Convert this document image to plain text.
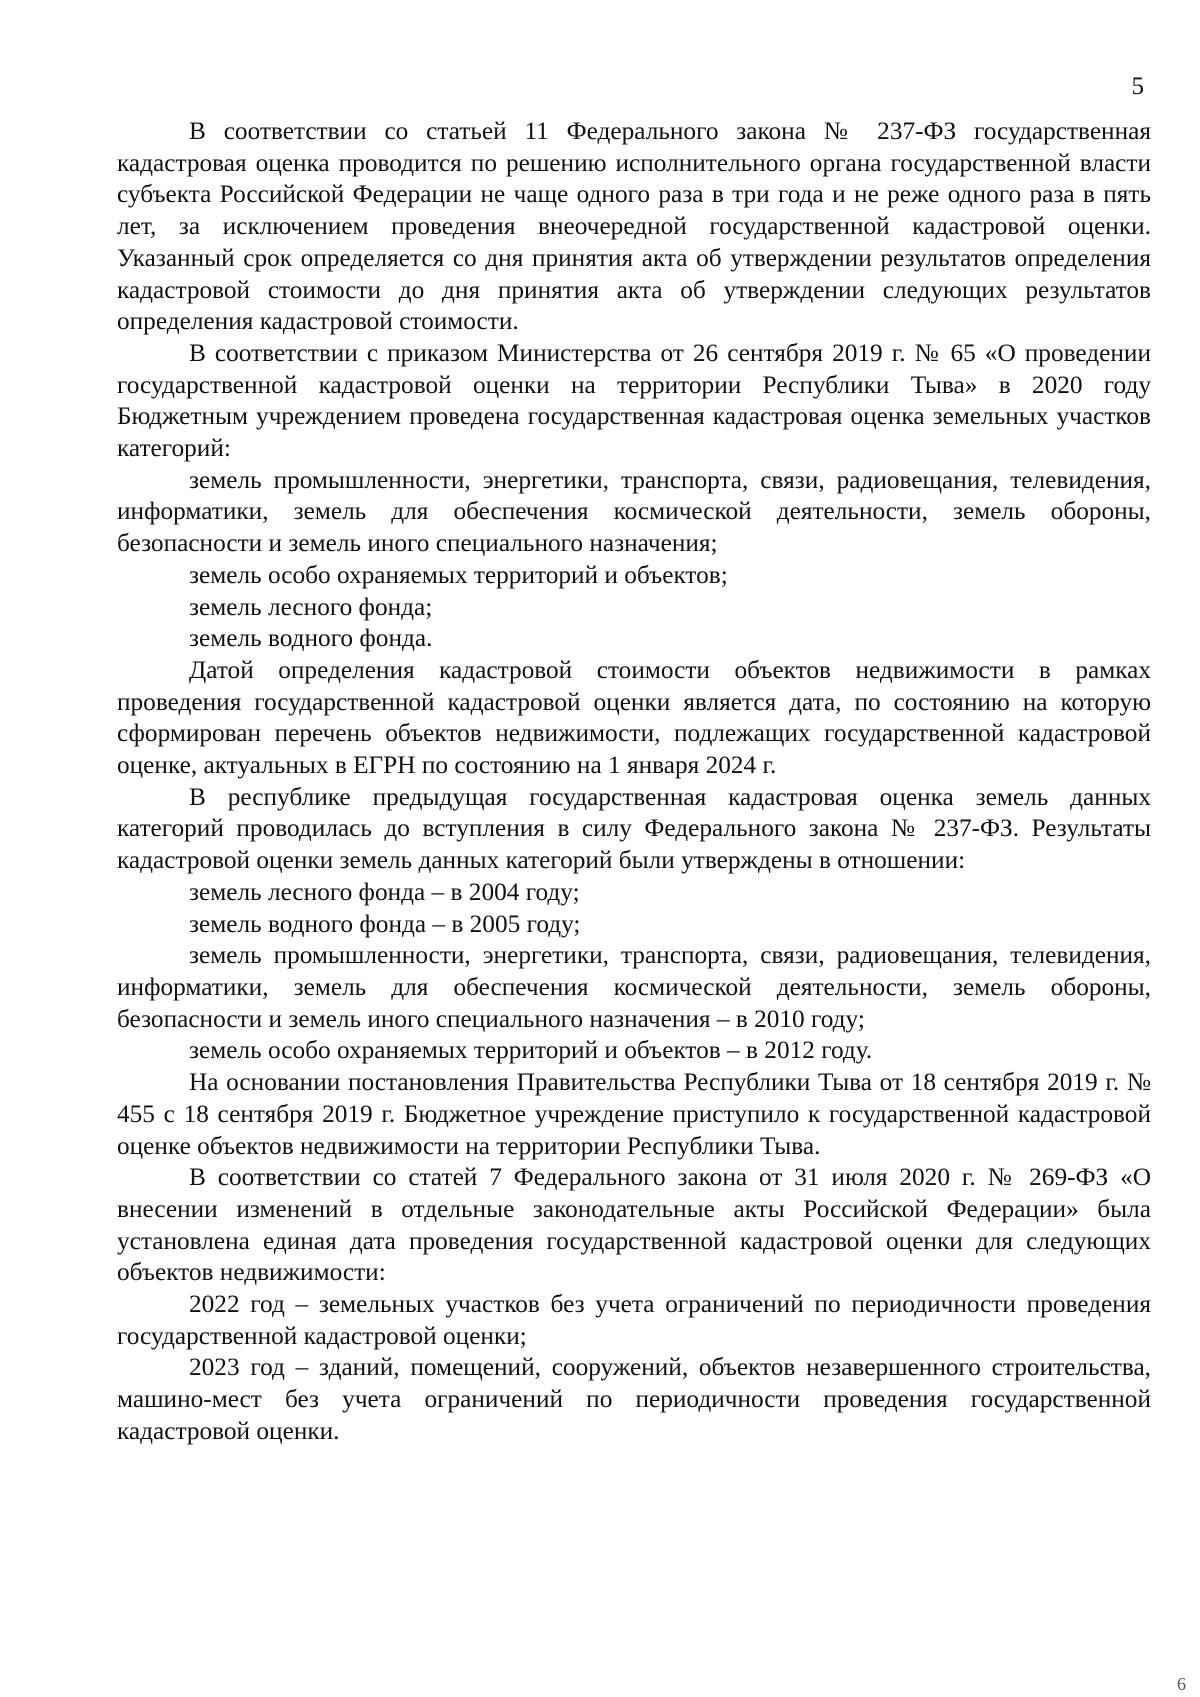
5

В соответствии со статьей 11 Федерального закона № 237-ФЗ государственная кадастровая оценка проводится по решению исполнительного органа государственной власти субъекта Российской Федерации не чаще одного раза в три года и не реже одного раза в пять лет, за исключением проведения внеочередной государственной кадастровой оценки. Указанный срок определяется со дня принятия акта об утверждении результатов определения кадастровой стоимости до дня принятия акта об утверждении следующих результатов определения кадастровой стоимости.

В соответствии с приказом Министерства от 26 сентября 2019 г. № 65 «О проведении государственной кадастровой оценки на территории Республики Тыва» в 2020 году Бюджетным учреждением проведена государственная кадастровая оценка земельных участков категорий:

земель промышленности, энергетики, транспорта, связи, радиовещания, телевидения, информатики, земель для обеспечения космической деятельности, земель обороны, безопасности и земель иного специального назначения;

земель особо охраняемых территорий и объектов;

земель лесного фонда;

земель водного фонда.

Датой определения кадастровой стоимости объектов недвижимости в рамках проведения государственной кадастровой оценки является дата, по состоянию на которую сформирован перечень объектов недвижимости, подлежащих государственной кадастровой оценке, актуальных в ЕГРН по состоянию на 1 января 2024 г.

В республике предыдущая государственная кадастровая оценка земель данных категорий проводилась до вступления в силу Федерального закона № 237-ФЗ. Результаты кадастровой оценки земель данных категорий были утверждены в отношении:

земель лесного фонда – в 2004 году;

земель водного фонда – в 2005 году;

земель промышленности, энергетики, транспорта, связи, радиовещания, телевидения, информатики, земель для обеспечения космической деятельности, земель обороны, безопасности и земель иного специального назначения – в 2010 году;

земель особо охраняемых территорий и объектов – в 2012 году.

На основании постановления Правительства Республики Тыва от 18 сентября 2019 г. № 455 с 18 сентября 2019 г. Бюджетное учреждение приступило к государственной кадастровой оценке объектов недвижимости на территории Республики Тыва.

В соответствии со статей 7 Федерального закона от 31 июля 2020 г. № 269-ФЗ «О внесении изменений в отдельные законодательные акты Российской Федерации» была установлена единая дата проведения государственной кадастровой оценки для следующих объектов недвижимости:

2022 год – земельных участков без учета ограничений по периодичности проведения государственной кадастровой оценки;

2023 год – зданий, помещений, сооружений, объектов незавершенного строительства, машино-мест без учета ограничений по периодичности проведения государственной кадастровой оценки.

6
